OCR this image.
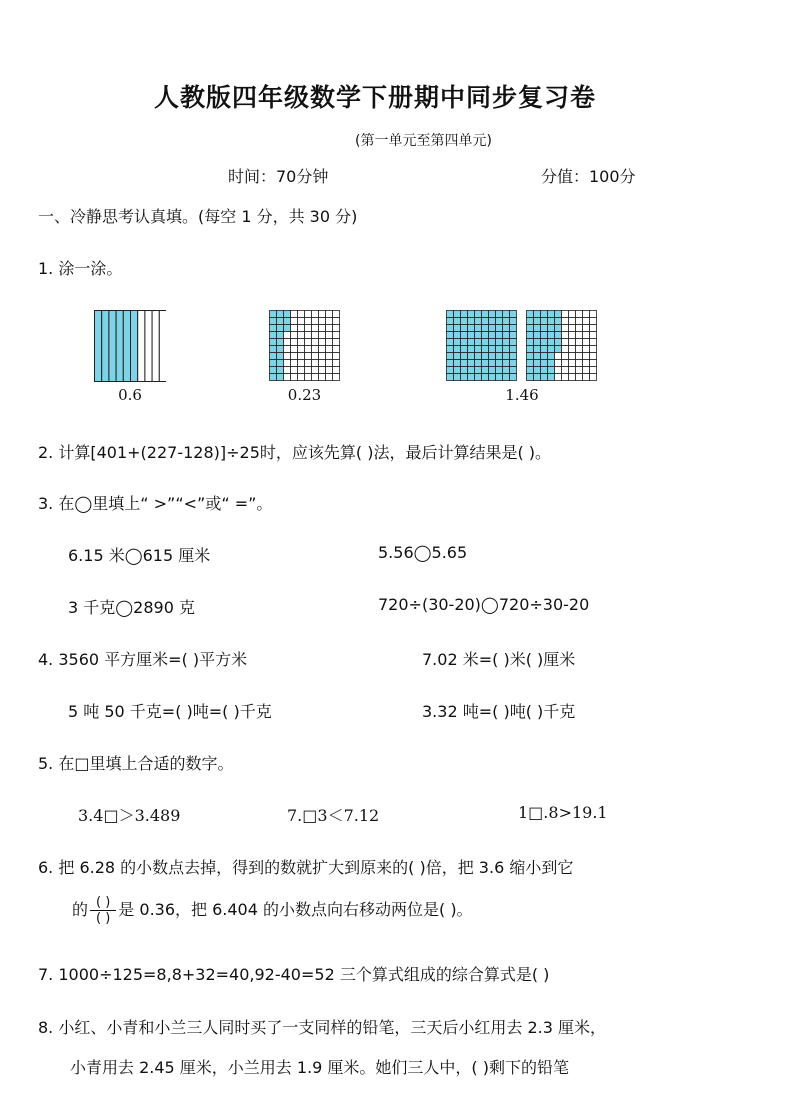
人教版四年级数学下册期中同步复习卷
(第一单元至第四单元)
时间：70分钟	分值：100分
一、冷静思考认真填。(每空 1 分，共 30 分)
1. 涂一涂。
0.6	0.23	1.46
2. 计算[401+(227-128)]÷25时，应该先算( )法，最后计算结果是( )。
3. 在◯里填上“ >”“<”或“ =”。
6.15 米◯615 厘米	5.56◯5.65
3 千克◯2890 克	720÷(30-20)◯720÷30-20
4. 3560 平方厘米=( )平方米	7.02 米=( )米( )厘米
5 吨 50 千克=( )吨=( )千克	3.32 吨=( )吨( )千克
5. 在□里填上合适的数字。
3.4□＞3.489	7.□3＜7.12	1□.8>19.1
6. 把 6.28 的小数点去掉，得到的数就扩大到原来的( )倍，把 3.6 缩小到它
的 $\frac{( )}{( )}$ 是 0.36，把 6.404 的小数点向右移动两位是( )。
7. 1000÷125=8,8+32=40,92-40=52 三个算式组成的综合算式是( )
8. 小红、小青和小兰三人同时买了一支同样的铅笔，三天后小红用去 2.3 厘米，
小青用去 2.45 厘米，小兰用去 1.9 厘米。她们三人中，( )剩下的铅笔
